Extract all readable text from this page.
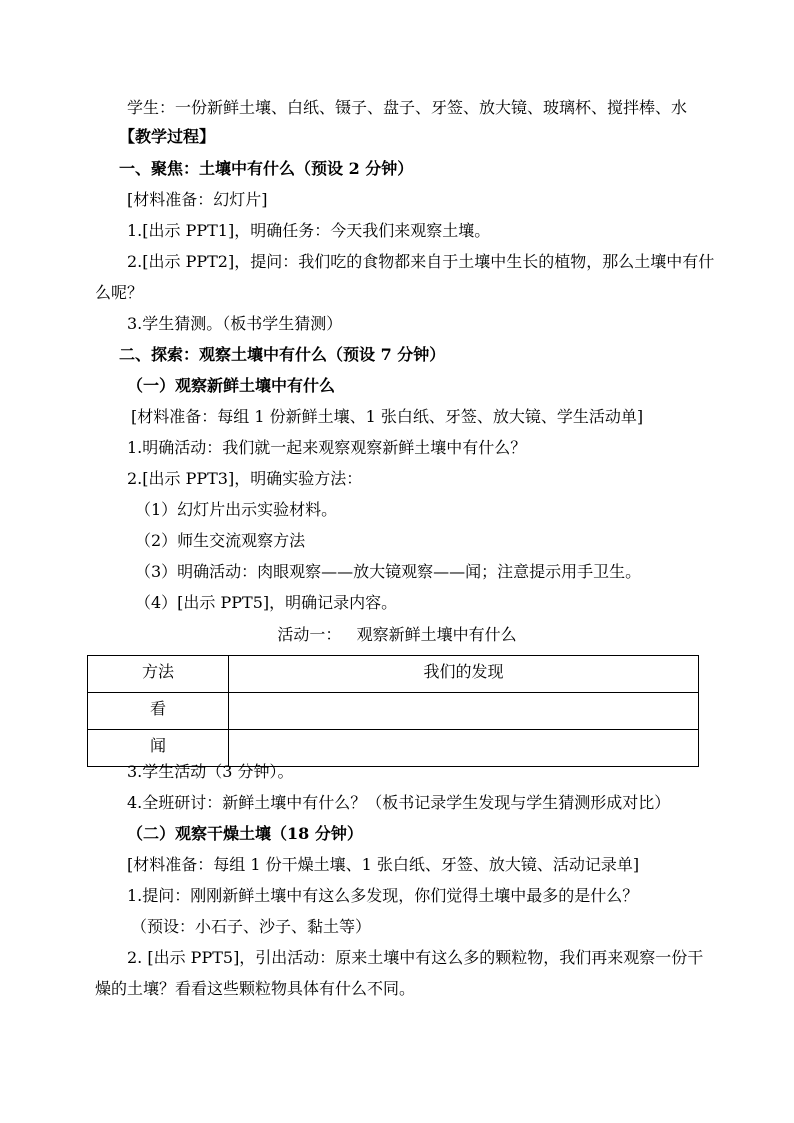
学生：一份新鲜土壤、白纸、镊子、盘子、牙签、放大镜、玻璃杯、搅拌棒、水
【教学过程】
一、聚焦：土壤中有什么（预设 2 分钟）
[材料准备：幻灯片]
1.[出示 PPT1]，明确任务：今天我们来观察土壤。
2.[出示 PPT2]，提问：我们吃的食物都来自于土壤中生长的植物，那么土壤中有什
么呢？
3.学生猜测。（板书学生猜测）
二、探索：观察土壤中有什么（预设 7 分钟）
（一）观察新鲜土壤中有什么
[材料准备：每组 1 份新鲜土壤、1 张白纸、牙签、放大镜、学生活动单]
1.明确活动：我们就一起来观察观察新鲜土壤中有什么？
2.[出示 PPT3]，明确实验方法：
（1）幻灯片出示实验材料。
（2）师生交流观察方法
（3）明确活动：肉眼观察——放大镜观察——闻；注意提示用手卫生。
（4）[出示 PPT5]，明确记录内容。
活动一：   观察新鲜土壤中有什么
方法	我们的发现
看	
闻	
3.学生活动（3 分钟）。
4.全班研讨：新鲜土壤中有什么？（板书记录学生发现与学生猜测形成对比）
（二）观察干燥土壤（18 分钟）
[材料准备：每组 1 份干燥土壤、1 张白纸、牙签、放大镜、活动记录单]
1.提问：刚刚新鲜土壤中有这么多发现，你们觉得土壤中最多的是什么？
（预设：小石子、沙子、黏土等）
2. [出示 PPT5]，引出活动：原来土壤中有这么多的颗粒物，我们再来观察一份干
燥的土壤？看看这些颗粒物具体有什么不同。
